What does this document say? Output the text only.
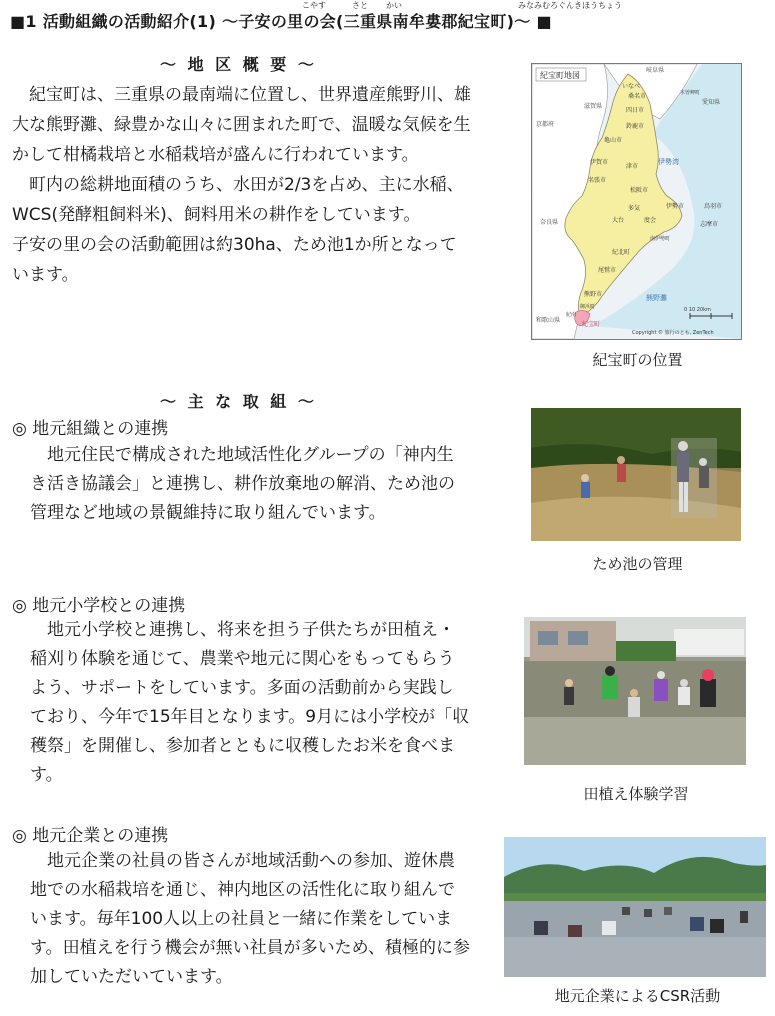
こやす	さと かい	みなみむろぐんきほうちょう
■1 活動組織の活動紹介(1) 〜子安の里の会(三重県南牟婁郡紀宝町)〜 ■
〜 地 区 概 要 〜

紀宝町は、三重県の最南端に位置し、世界遺産熊野川、雄大な熊野灘、緑豊かな山々に囲まれた町で、温暖な気候を生かして柑橘栽培と水稲栽培が盛んに行われています。

町内の総耕地面積のうち、水田が2/3を占め、主に水稲、WCS(発酵粗飼料米)、飼料用米の耕作をしています。

子安の里の会の活動範囲は約30ha、ため池1か所となっています。

紀宝町地図
岐阜県
滋賀県
愛知県
京都府
奈良県
和歌山県
伊勢湾
熊野灘
いなべ
桑名市	木曽岬町
四日市
鈴鹿市
亀山市
伊賀市
津市
名張市
松阪市
伊勢市	鳥羽市
志摩市
多気
大台	度会
南伊勢町
紀北町
尾鷲市
熊野市
御浜町
紀南
紀宝町
0 10 20km
Copyright © 旅行のとも, ZenTech
紀宝町の位置
〜 主 な 取 組 〜
◎ 地元組織との連携
地元住民で構成された地域活性化グループの「神内生き活き協議会」と連携し、耕作放棄地の解消、ため池の管理など地域の景観維持に取り組んでいます。
ため池の管理
◎ 地元小学校との連携
地元小学校と連携し、将来を担う子供たちが田植え・稲刈り体験を通じて、農業や地元に関心をもってもらうよう、サポートをしています。多面の活動前から実践しており、今年で15年目となります。9月には小学校が「収穫祭」を開催し、参加者とともに収穫したお米を食べます。
田植え体験学習
◎ 地元企業との連携
地元企業の社員の皆さんが地域活動への参加、遊休農地での水稲栽培を通じ、神内地区の活性化に取り組んでいます。毎年100人以上の社員と一緒に作業をしています。田植えを行う機会が無い社員が多いため、積極的に参加していただいています。
地元企業によるCSR活動
